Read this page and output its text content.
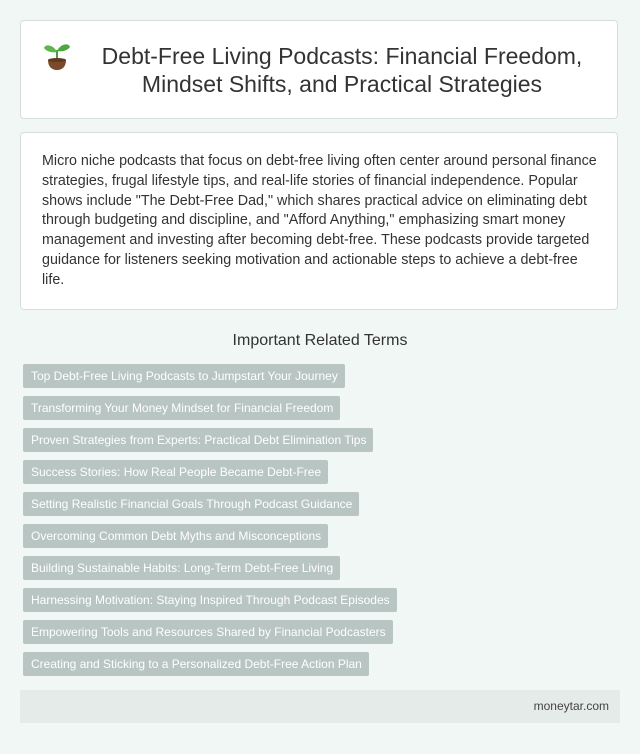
Debt-Free Living Podcasts: Financial Freedom, Mindset Shifts, and Practical Strategies

Micro niche podcasts that focus on debt-free living often center around personal finance strategies, frugal lifestyle tips, and real-life stories of financial independence. Popular shows include "The Debt-Free Dad," which shares practical advice on eliminating debt through budgeting and discipline, and "Afford Anything," emphasizing smart money management and investing after becoming debt-free. These podcasts provide targeted guidance for listeners seeking motivation and actionable steps to achieve a debt-free life.

Important Related Terms
Top Debt-Free Living Podcasts to Jumpstart Your Journey
Transforming Your Money Mindset for Financial Freedom
Proven Strategies from Experts: Practical Debt Elimination Tips
Success Stories: How Real People Became Debt-Free
Setting Realistic Financial Goals Through Podcast Guidance
Overcoming Common Debt Myths and Misconceptions
Building Sustainable Habits: Long-Term Debt-Free Living
Harnessing Motivation: Staying Inspired Through Podcast Episodes
Empowering Tools and Resources Shared by Financial Podcasters
Creating and Sticking to a Personalized Debt-Free Action Plan
moneytar.com
